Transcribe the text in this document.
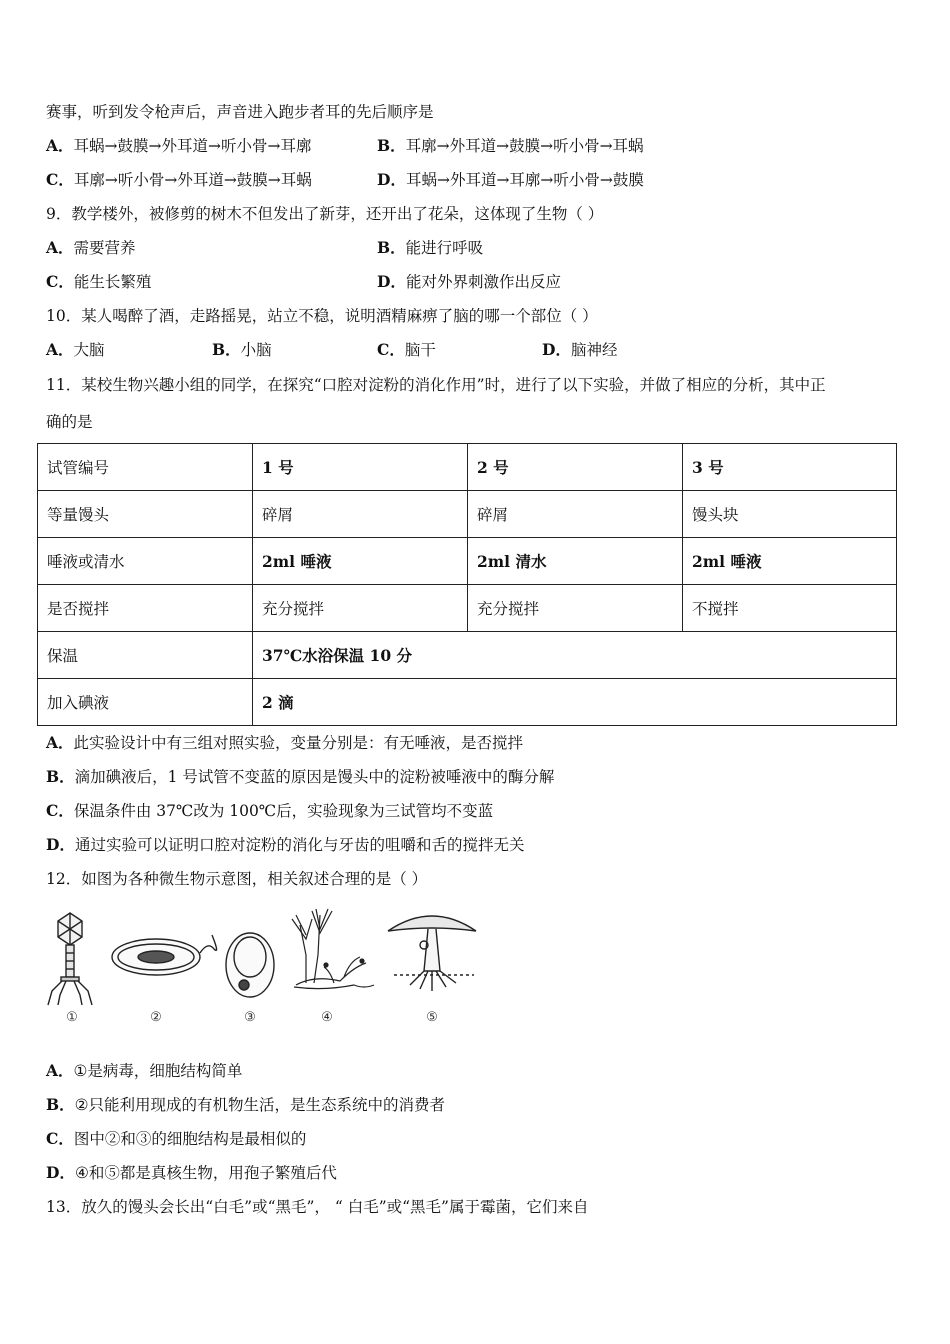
赛事，听到发令枪声后，声音进入跑步者耳的先后顺序是
A．耳蜗→鼓膜→外耳道→听小骨→耳廓	B．耳廓→外耳道→鼓膜→听小骨→耳蜗
C．耳廓→听小骨→外耳道→鼓膜→耳蜗	D．耳蜗→外耳道→耳廓→听小骨→鼓膜
9．教学楼外，被修剪的树木不但发出了新芽，还开出了花朵，这体现了生物（ ）
A．需要营养	B．能进行呼吸
C．能生长繁殖	D．能对外界刺激作出反应
10．某人喝醉了酒，走路摇晃，站立不稳，说明酒精麻痹了脑的哪一个部位（ ）
A．大脑	B．小脑	C．脑干	D．脑神经
11．某校生物兴趣小组的同学，在探究“口腔对淀粉的消化作用”时，进行了以下实验，并做了相应的分析，其中正
确的是
试管编号	1 号	2 号	3 号
等量馒头	碎屑	碎屑	馒头块
唾液或清水	2ml 唾液	2ml 清水	2ml 唾液
是否搅拌	充分搅拌	充分搅拌	不搅拌
保温	37℃水浴保温 10 分		
加入碘液	2 滴		
A．此实验设计中有三组对照实验，变量分别是：有无唾液，是否搅拌
B．滴加碘液后，1 号试管不变蓝的原因是馒头中的淀粉被唾液中的酶分解
C．保温条件由 37℃改为 100℃后，实验现象为三试管均不变蓝
D．通过实验可以证明口腔对淀粉的消化与牙齿的咀嚼和舌的搅拌无关
12．如图为各种微生物示意图，相关叙述合理的是（ ）
①	②	③	④	⑤
A．①是病毒，细胞结构简单
B．②只能利用现成的有机物生活，是生态系统中的消费者
C．图中②和③的细胞结构是最相似的
D．④和⑤都是真核生物，用孢子繁殖后代
13．放久的馒头会长出“白毛”或“黑毛”， “ 白毛”或“黑毛”属于霉菌，它们来自
